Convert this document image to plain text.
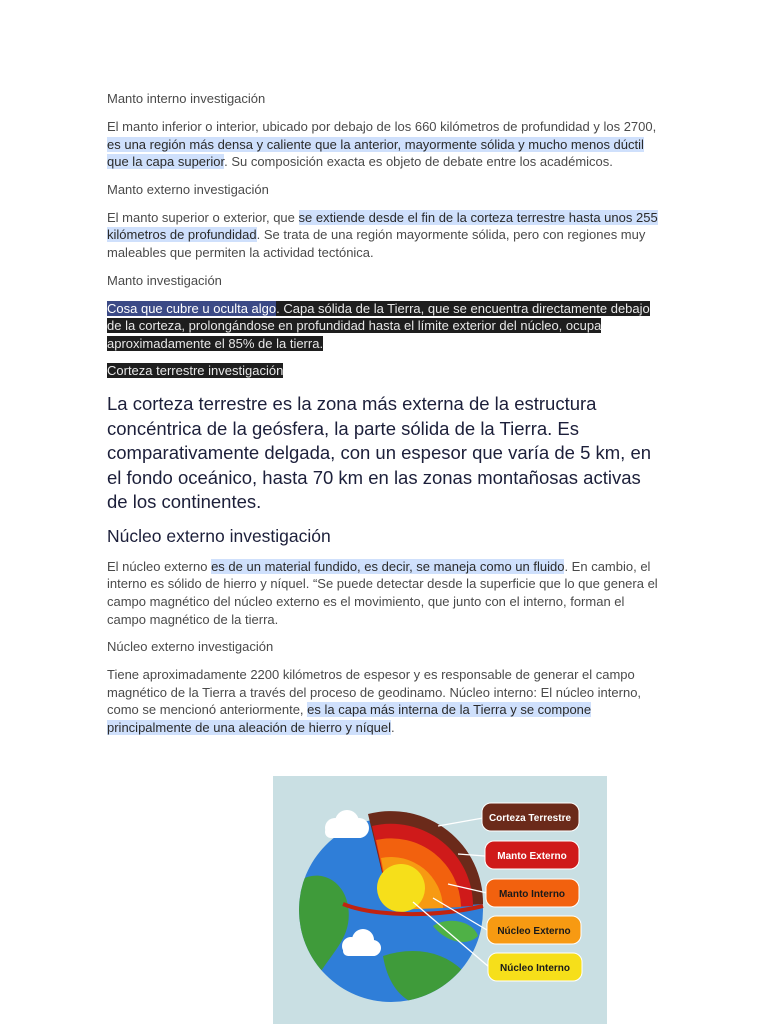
Manto interno investigación

El manto inferior o interior, ubicado por debajo de los 660 kilómetros de profundidad y los 2700, es una región más densa y caliente que la anterior, mayormente sólida y mucho menos dúctil que la capa superior. Su composición exacta es objeto de debate entre los académicos.

Manto externo investigación

El manto superior o exterior, que se extiende desde el fin de la corteza terrestre hasta unos 255 kilómetros de profundidad. Se trata de una región mayormente sólida, pero con regiones muy maleables que permiten la actividad tectónica.

Manto investigación

Cosa que cubre u oculta algo. Capa sólida de la Tierra, que se encuentra directamente debajo de la corteza, prolongándose en profundidad hasta el límite exterior del núcleo, ocupa aproximadamente el 85% de la tierra.

Corteza terrestre investigación

La corteza terrestre es la zona más externa de la estructura concéntrica de la geósfera, la parte sólida de la Tierra. Es comparativamente delgada, con un espesor que varía de 5 km, en el fondo oceánico, hasta 70 km en las zonas montañosas activas de los continentes.

Núcleo externo investigación

El núcleo externo es de un material fundido, es decir, se maneja como un fluido. En cambio, el interno es sólido de hierro y níquel. “Se puede detectar desde la superficie que lo que genera el campo magnético del núcleo externo es el movimiento, que junto con el interno, forman el campo magnético de la tierra.

Núcleo externo investigación

Tiene aproximadamente 2200 kilómetros de espesor y es responsable de generar el campo magnético de la Tierra a través del proceso de geodinamo. Núcleo interno: El núcleo interno, como se mencionó anteriormente, es la capa más interna de la Tierra y se compone principalmente de una aleación de hierro y níquel.

Corteza Terrestre
Manto Externo
Manto Interno
Núcleo Externo
Núcleo Interno
